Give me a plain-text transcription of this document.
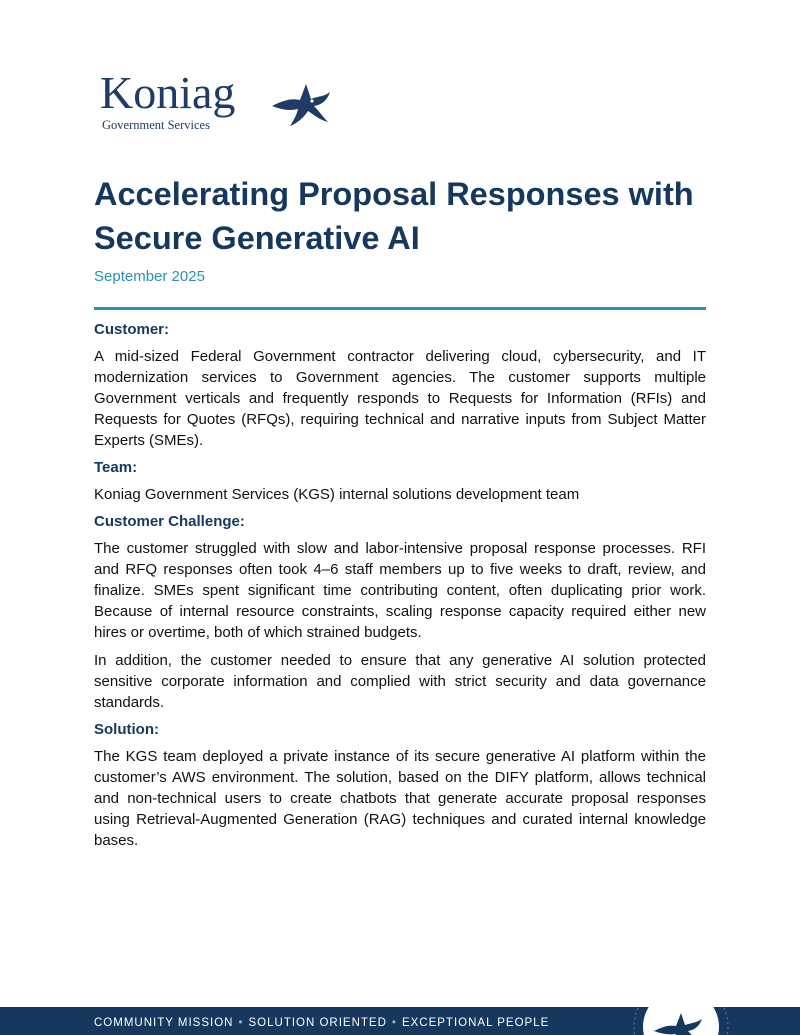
Koniag
Government Services
Accelerating Proposal Responses with Secure Generative AI
September 2025
Customer:

A mid-sized Federal Government contractor delivering cloud, cybersecurity, and IT modernization services to Government agencies. The customer supports multiple Government verticals and frequently responds to Requests for Information (RFIs) and Requests for Quotes (RFQs), requiring technical and narrative inputs from Subject Matter Experts (SMEs).

Team:

Koniag Government Services (KGS) internal solutions development team

Customer Challenge:

The customer struggled with slow and labor-intensive proposal response processes. RFI and RFQ responses often took 4–6 staff members up to five weeks to draft, review, and finalize. SMEs spent significant time contributing content, often duplicating prior work. Because of internal resource constraints, scaling response capacity required either new hires or overtime, both of which strained budgets.

In addition, the customer needed to ensure that any generative AI solution protected sensitive corporate information and complied with strict security and data governance standards.

Solution:

The KGS team deployed a private instance of its secure generative AI platform within the customer’s AWS environment. The solution, based on the DIFY platform, allows technical and non-technical users to create chatbots that generate accurate proposal responses using Retrieval-Augmented Generation (RAG) techniques and curated internal knowledge bases.

COMMUNITY MISSION • SOLUTION ORIENTED • EXCEPTIONAL PEOPLE
